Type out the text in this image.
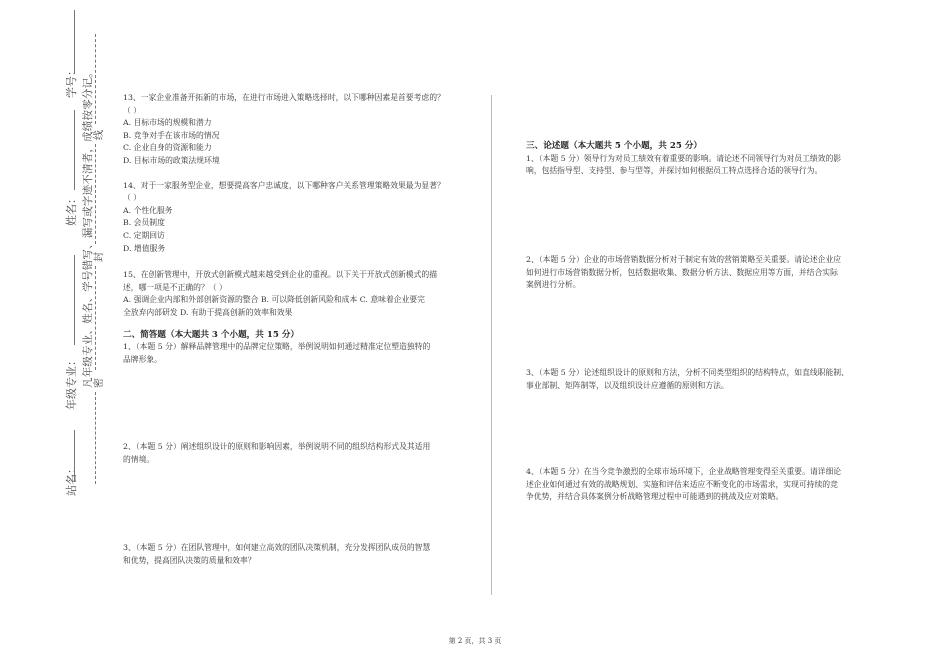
站名：
年级专业：
姓名：
学号： 凡年级专业、姓名、学号错写、漏写或字迹不清者，成绩按零分记。 线
封
密

13、一家企业准备开拓新的市场，在进行市场进入策略选择时，以下哪种因素是首要考虑的？

（ ）

A. 目标市场的规模和潜力

B. 竞争对手在该市场的情况

C. 企业自身的资源和能力

D. 目标市场的政策法规环境

14、对于一家服务型企业，想要提高客户忠诚度，以下哪种客户关系管理策略效果最为显著？

（ ）

A. 个性化服务

B. 会员制度

C. 定期回访

D. 增值服务

15、在创新管理中，开放式创新模式越来越受到企业的重视。以下关于开放式创新模式的描

述，哪一项是不正确的？（ ）

A. 强调企业内部和外部创新资源的整合 B. 可以降低创新风险和成本 C. 意味着企业要完

全放弃内部研发 D. 有助于提高创新的效率和效果

二、简答题（本大题共 3 个小题，共 15 分）

1、（本题 5 分）解释品牌管理中的品牌定位策略，举例说明如何通过精准定位塑造独特的

品牌形象。

2、（本题 5 分）阐述组织设计的原则和影响因素，举例说明不同的组织结构形式及其适用

的情境。

3、（本题 5 分）在团队管理中，如何建立高效的团队决策机制，充分发挥团队成员的智慧

和优势，提高团队决策的质量和效率？

三、论述题（本大题共 5 个小题，共 25 分）

1、（本题 5 分）领导行为对员工绩效有着重要的影响。请论述不同领导行为对员工绩效的影

响，包括指导型、支持型、参与型等，并探讨如何根据员工特点选择合适的领导行为。

2、（本题 5 分）企业的市场营销数据分析对于制定有效的营销策略至关重要。请论述企业应

如何进行市场营销数据分析，包括数据收集、数据分析方法、数据应用等方面，并结合实际

案例进行分析。

3、（本题 5 分）论述组织设计的原则和方法，分析不同类型组织的结构特点，如直线职能制、

事业部制、矩阵制等，以及组织设计应遵循的原则和方法。

4、（本题 5 分）在当今竞争激烈的全球市场环境下，企业战略管理变得至关重要。请详细论

述企业如何通过有效的战略规划、实施和评估来适应不断变化的市场需求，实现可持续的竞

争优势，并结合具体案例分析战略管理过程中可能遇到的挑战及应对策略。

第 2 页，共 3 页
